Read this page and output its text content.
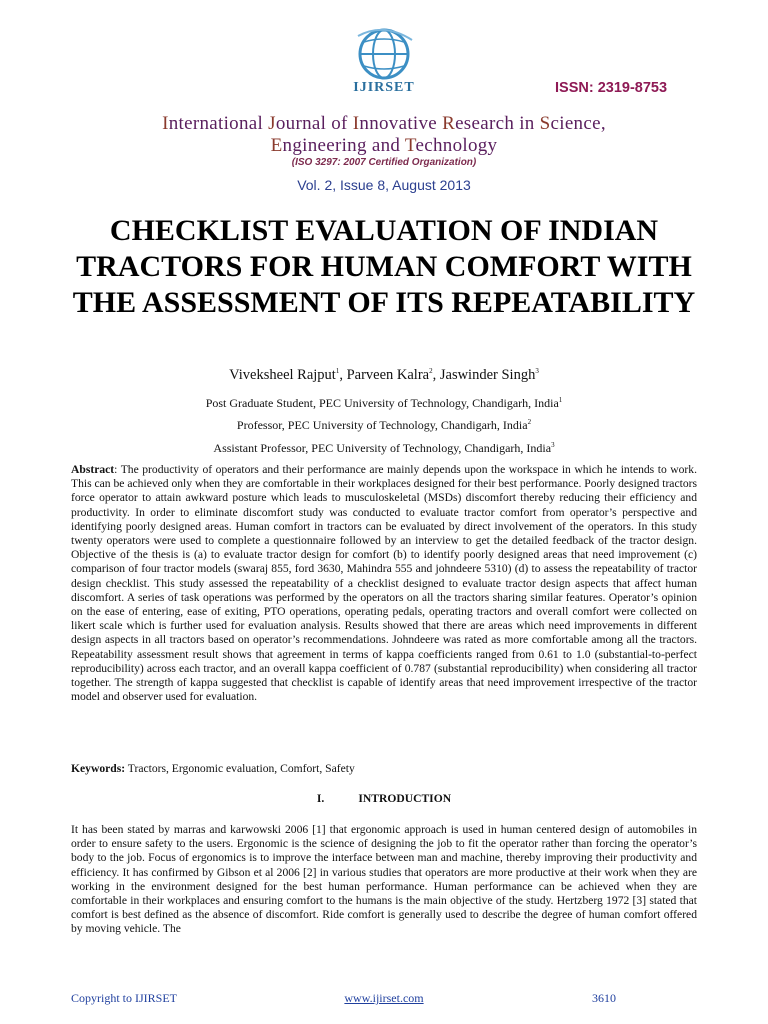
IJIRSET	ISSN: 2319-8753
International Journal of Innovative Research in Science,
Engineering and Technology
(ISO 3297: 2007 Certified Organization)
Vol. 2, Issue 8, August 2013
CHECKLIST EVALUATION OF INDIAN TRACTORS FOR HUMAN COMFORT WITH THE ASSESSMENT OF ITS REPEATABILITY
Viveksheel Rajput$^1$, Parveen Kalra$^2$, Jaswinder Singh$^3$
Post Graduate Student, PEC University of Technology, Chandigarh, India$^1$
Professor, PEC University of Technology, Chandigarh, India$^2$
Assistant Professor, PEC University of Technology, Chandigarh, India$^3$
Abstract: The productivity of operators and their performance are mainly depends upon the workspace in which he intends to work. This can be achieved only when they are comfortable in their workplaces designed for their best performance. Poorly designed tractors force operator to attain awkward posture which leads to musculoskeletal (MSDs) discomfort thereby reducing their efficiency and productivity. In order to eliminate discomfort study was conducted to evaluate tractor comfort from operator’s perspective and identifying poorly designed areas. Human comfort in tractors can be evaluated by direct involvement of the operators. In this study twenty operators were used to complete a questionnaire followed by an interview to get the detailed feedback of the tractor design. Objective of the thesis is (a) to evaluate tractor design for comfort (b) to identify poorly designed areas that need improvement (c) comparison of four tractor models (swaraj 855, ford 3630, Mahindra 555 and johndeere 5310) (d) to assess the repeatability of tractor design checklist. This study assessed the repeatability of a checklist designed to evaluate tractor design aspects that affect human discomfort. A series of task operations was performed by the operators on all the tractors sharing similar features. Operator’s opinion on the ease of entering, ease of exiting, PTO operations, operating pedals, operating tractors and overall comfort were collected on likert scale which is further used for evaluation analysis. Results showed that there are areas which need improvements in different design aspects in all tractors based on operator’s recommendations. Johndeere was rated as more comfortable among all the tractors. Repeatability assessment result shows that agreement in terms of kappa coefficients ranged from 0.61 to 1.0 (substantial-to-perfect reproducibility) across each tractor, and an overall kappa coefficient of 0.787 (substantial reproducibility) when considering all tractor together. The strength of kappa suggested that checklist is capable of identify areas that need improvement irrespective of the tractor model and observer used for evaluation.
Keywords: Tractors, Ergonomic evaluation, Comfort, Safety
I.	INTRODUCTION
It has been stated by marras and karwowski 2006 [1] that ergonomic approach is used in human centered design of automobiles in order to ensure safety to the users. Ergonomic is the science of designing the job to fit the operator rather than forcing the operator’s body to the job. Focus of ergonomics is to improve the interface between man and machine, thereby improving their productivity and efficiency. It has confirmed by Gibson et al 2006 [2] in various studies that operators are more productive at their work when they are working in the environment designed for the best human performance. Human performance can be achieved when they are comfortable in their workplaces and ensuring comfort to the humans is the main objective of the study. Hertzberg 1972 [3] stated that comfort is best defined as the absence of discomfort. Ride comfort is generally used to describe the degree of human comfort offered by moving vehicle. The
Copyright to IJIRSET	www.ijirset.com	3610
